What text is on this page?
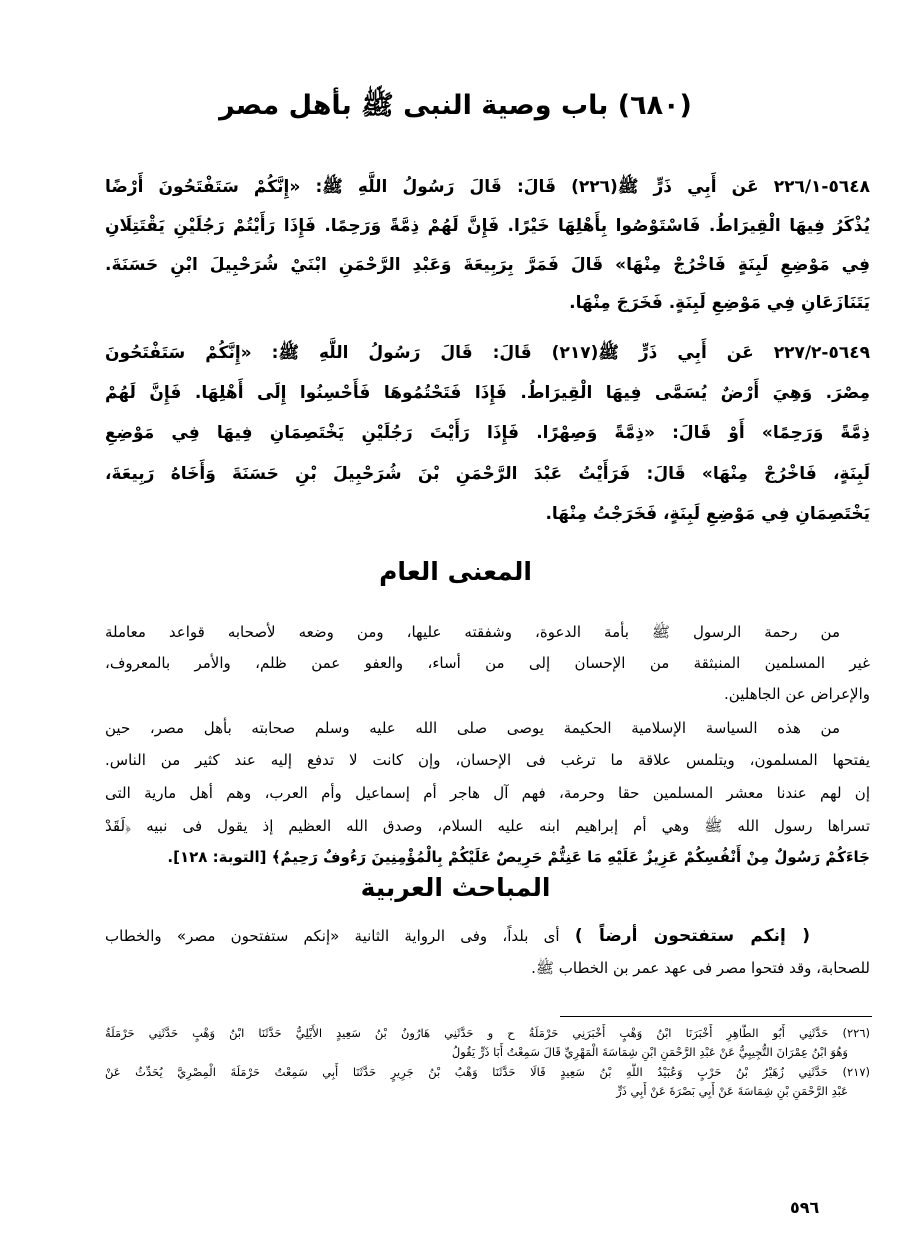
(٦٨٠) باب وصية النبى ﷺ بأهل مصر
٥٦٤٨-٢٢٦/١ عَن أَبِي ذَرٍّ ﷺ(٢٢٦) قَالَ: قَالَ رَسُولُ اللَّهِ ﷺ: «إِنَّكُمْ سَتَفْتَحُونَ أَرْضًا
يُذْكَرُ فِيهَا الْقِيرَاطُ. فَاسْتَوْصُوا بِأَهْلِهَا خَيْرًا. فَإِنَّ لَهُمْ ذِمَّةً وَرَحِمًا. فَإِذَا رَأَيْتُمْ رَجُلَيْنِ يَقْتَتِلَانِ
فِي مَوْضِعِ لَبِنَةٍ فَاخْرُجْ مِنْهَا» قَالَ فَمَرَّ بِرَبِيعَةَ وَعَبْدِ الرَّحْمَنِ ابْنَيْ شُرَحْبِيلَ ابْنِ حَسَنَةَ.
يَتَنَازَعَانِ فِي مَوْضِعِ لَبِنَةٍ. فَخَرَجَ مِنْهَا.
٥٦٤٩-٢٢٧/٢ عَن أَبِي ذَرٍّ ﷺ(٢١٧) قَالَ: قَالَ رَسُولُ اللَّهِ ﷺ: «إِنَّكُمْ سَتَفْتَحُونَ
مِصْرَ. وَهِيَ أَرْضٌ يُسَمَّى فِيهَا الْقِيرَاطُ. فَإِذَا فَتَحْتُمُوهَا فَأَحْسِنُوا إِلَى أَهْلِهَا. فَإِنَّ لَهُمْ
ذِمَّةً وَرَحِمًا» أَوْ قَالَ: «ذِمَّةً وَصِهْرًا. فَإِذَا رَأَيْتَ رَجُلَيْنِ يَخْتَصِمَانِ فِيهَا فِي مَوْضِعِ
لَبِنَةٍ، فَاخْرُجْ مِنْهَا» قَالَ: فَرَأَيْتُ عَبْدَ الرَّحْمَنِ بْنَ شُرَحْبِيلَ بْنِ حَسَنَةَ وَأَخَاهُ رَبِيعَةَ،
يَخْتَصِمَانِ فِي مَوْضِعِ لَبِنَةٍ، فَخَرَجْتُ مِنْهَا.
المعنى العام
من رحمة الرسول ﷺ بأمة الدعوة، وشفقته عليها، ومن وضعه لأصحابه قواعد معاملة
غير المسلمين المنبثقة من الإحسان إلى من أساء، والعفو عمن ظلم، والأمر بالمعروف،
والإعراض عن الجاهلين.
من هذه السياسة الإسلامية الحكيمة يوصى صلى الله عليه وسلم صحابته بأهل مصر، حين
يفتحها المسلمون، ويتلمس علاقة ما ترغب فى الإحسان، وإن كانت لا تدفع إليه عند كثير من الناس.
إن لهم عندنا معشر المسلمين حقا وحرمة، فهم آل هاجر أم إسماعيل وأم العرب، وهم أهل مارية التى
تسراها رسول الله ﷺ وهي أم إبراهيم ابنه عليه السلام، وصدق الله العظيم إذ يقول فى نبيه ﴿لَقَدْ
جَاءَكُمْ رَسُولٌ مِنْ أَنْفُسِكُمْ عَزِيزٌ عَلَيْهِ مَا عَنِتُّمْ حَرِيصٌ عَلَيْكُمْ بِالْمُؤْمِنِينَ رَءُوفٌ رَحِيمٌ﴾ [التوبة: ١٢٨].
المباحث العربية
( إنكم ستفتحون أرضاً ) أى بلداً، وفى الرواية الثانية «إنكم ستفتحون مصر» والخطاب
للصحابة، وقد فتحوا مصر فى عهد عمر بن الخطاب ﷺ.
(٢٢٦) حَدَّثَنِي أَبُو الطَّاهِرِ أَخْبَرَنَا ابْنُ وَهْبٍ أَخْبَرَنِي حَرْمَلَةُ ح و حَدَّثَنِي هَارُونُ بْنُ سَعِيدٍ الأَيْلِيُّ حَدَّثَنَا ابْنُ وَهْبٍ حَدَّثَنِي حَرْمَلَةُ
وَهُوَ ابْنُ عِمْرَانَ التُّجِيبِيُّ عَنْ عَبْدِ الرَّحْمَنِ ابْنِ شِمَاسَةَ الْمَهْرِيِّ قَالَ سَمِعْتُ أَبَا ذَرٍّ يَقُولُ
(٢١٧) حَدَّثَنِي زُهَيْرُ بْنُ حَرْبٍ وَعُبَيْدُ اللَّهِ بْنُ سَعِيدٍ قَالَا حَدَّثَنَا وَهْبُ بْنُ جَرِيرٍ حَدَّثَنَا أَبِي سَمِعْتُ حَرْمَلَةَ الْمِصْرِيَّ يُحَدِّثُ عَنْ
عَبْدِ الرَّحْمَنِ بْنِ شِمَاسَةَ عَنْ أَبِي بَصْرَةَ عَنْ أَبِي ذَرٍّ
٥٩٦
